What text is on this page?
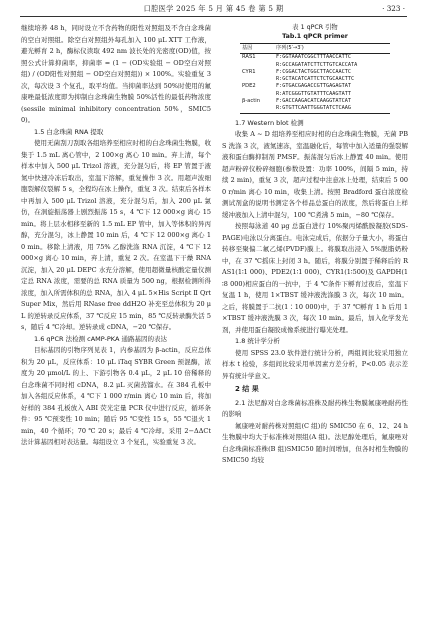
口腔医学 2025 年 5 月 第 45 卷 第 5 期	· 323 ·

继续培养 48 h，同时设立不含药物的阳性对照组及不含白念珠菌的空白对照组。除空白对照组外每孔加入 100 μL XTT 工作液，避光孵育 2 h，酶标仪读取 492 nm 波长处的光密度(OD)值，按照公式计算抑菌率，抑菌率 = (1 − (OD实验组 − OD空白对照组) / (OD阳性对照组 − OD空白对照组)) × 100%。实验重复 3 次，每次设 3 个复孔，取平均值。当抑菌率达到 50%时使用的氟康唑最低浓度即为抑制白念珠菌生物膜 50%活性的最低药物浓度(sessile minimal inhibitory concentration 50%，SMIC50)。

1.5 白念珠菌 RNA 提取

使用无菌刮刀刮取各组培养至相应时相的白念珠菌生物膜，收集于 1.5 mL 离心管中，2 100×g 离心 10 min。弃上清，每个样本中加入 500 μL Trizol 溶液，充分混匀后，将 EP 管置于液氮中快速冷冻后取出，室温下溶解，重复操作 3 次。用超声波细胞裂解仪裂解 5 s，全程均在冰上操作，重复 3 次。结束后各样本中再加入 500 μL Trizol 溶液，充分混匀后，加入 200 μL 氯仿，在涡旋振荡器上剧烈振荡 15 s，4 ℃下 12 000×g 离心 15 min。将上层水相移至新的 1.5 mL EP 管中，加入等体积的异丙醇，充分混匀，冰上静置 10 min 后，4 ℃下 12 000×g 离心 10 min。移除上清液，用 75% 乙醇洗涤 RNA 沉淀，4 ℃下 12 000×g 离心 10 min，弃上清，重复 2 次。在室温下干燥 RNA 沉淀，加入 20 μL DEPC 水充分溶解，使用超微量核酸定量仪测定总 RNA 浓度，需要的总 RNA 质量为 500 ng，根据检测所得浓度，加入所需体积的总 RNA，加入 4 μL 5×His Script Ⅱ Qrt Super Mix，然后用 RNase free ddH2O 补充至总体积为 20 μL 的逆转录反应体系，37 ℃反应 15 min，85 ℃反转录酶失活 5 s，随后 4 ℃冷却。逆转录成 cDNA，−20 ℃保存。

1.6 qPCR 法检测 cAMP-PKA 通路基因的表达

目标基因的引物序列见表 1，内参基因为 β-actin，反应总体积为 20 μL，反应体系：10 μL iTaq SYBR Green 预混酶，浓度为 20 μmol/L 的上、下游引物各 0.4 μL，2 μL 10 倍稀释的白念珠菌不同时相 cDNA，8.2 μL 灭菌蒸馏水。在 384 孔板中加入各组反应体系，4 ℃下 1 000 r/min 离心 10 min 后，将加好样的 384 孔板放入 ABI 荧光定量 PCR 仪中进行反应，循环条件：95 ℃预变性 10 min；随后 95 ℃变性 15 s，55 ℃退火 1 min，40 个循环；70 ℃ 20 s；最后 4 ℃冷却。采用 2−ΔΔCt 法计算基因相对表达量。每组设立 3 个复孔，实验重复 3 次。

表 1 qPCR 引物
Tab.1 qPCR primer
基因	序列(5′→3′)
RAS1	F:GGTAAATCGGCTTTAACCATTC
	R:GCCAGATATCTTCTTGTCACCATA
CYR1	F:CGGACTACTGGCTTACCAACTC
	R:GCTACATCATTCTCTGCAACTTC
PDE2	F:GTGACGAGACCGTTGAGAGTAT
	R:ATCGGGTTGTATTTCAAGTATT
β-actin	F:GACCAAGACATCAAGGTATCAT
	R:GTGTTCAATTGGGTATCTCAAG

1.7 Western blot 检测

收集 A ~ D 组培养至相应时相的白念珠菌生物膜，无菌 PBS 洗涤 3 次，液氮速冻，室温融化后，每管中加入适量的强裂解液和蛋白酶抑制剂 PMSF。振荡混匀后冰上静置 40 min。使用超声粉碎仪粉碎细胞(参数设置：功率 100%，间隔 5 min，持续 2 min)，重复 3 次，超声过程中注意冰上处理，结束后 5 000 r/min 离心 10 min，收集上清。按照 Bradford 蛋白浓度检测试剂盒的说明书测定各个样品总蛋白的浓度，然后将蛋白上样缓冲液加入上清中混匀，100 ℃煮沸 5 min，−80 ℃保存。

按照每泳道 40 μg 总蛋白进行 10%聚丙烯酰胺凝胶(SDS-PAGE)电泳以分离蛋白。电泳完成后，依据分子量大小，将蛋白转移至聚偏二氟乙烯(PVDF)膜上。将膜取出浸入 5%脱脂奶粉中，在 37 ℃摇床上封闭 3 h。随后，将膜分别置于稀释后的 RAS1(1∶1 000)、PDE2(1∶1 000)、CYR1(1∶500)及 GAPDH(1∶8 000)相应蛋白的一抗中，于 4 ℃条件下孵育过夜后，室温下复温 1 h，使用 1×TBST 缓冲液洗涤膜 3 次，每次 10 min。之后，将膜置于二抗(1∶10 000)中，于 37 ℃孵育 1 h 后用 1×TBST 缓冲液洗膜 3 次，每次 10 min。最后，加入化学发光剂，并使用蛋白凝胶成像系统进行曝光处理。

1.8 统计学分析

使用 SPSS 23.0 软件进行统计分析，两组间比较采用独立样本 t 检验，多组间比较采用单因素方差分析，P<0.05 表示差异有统计学意义。

2 结 果

2.1 法尼醇对白念珠菌标准株及耐药株生物膜氟康唑耐药性的影响

氟康唑对耐药株对照组(C 组)的 SMIC50 在 6、12、24 h 生物膜中均大于标准株对照组(A 组)。法尼醇处理后，氟康唑对白念珠菌标准株(B 组)SMIC50 随时间增加，但各时相生物膜的 SMIC50 均较
